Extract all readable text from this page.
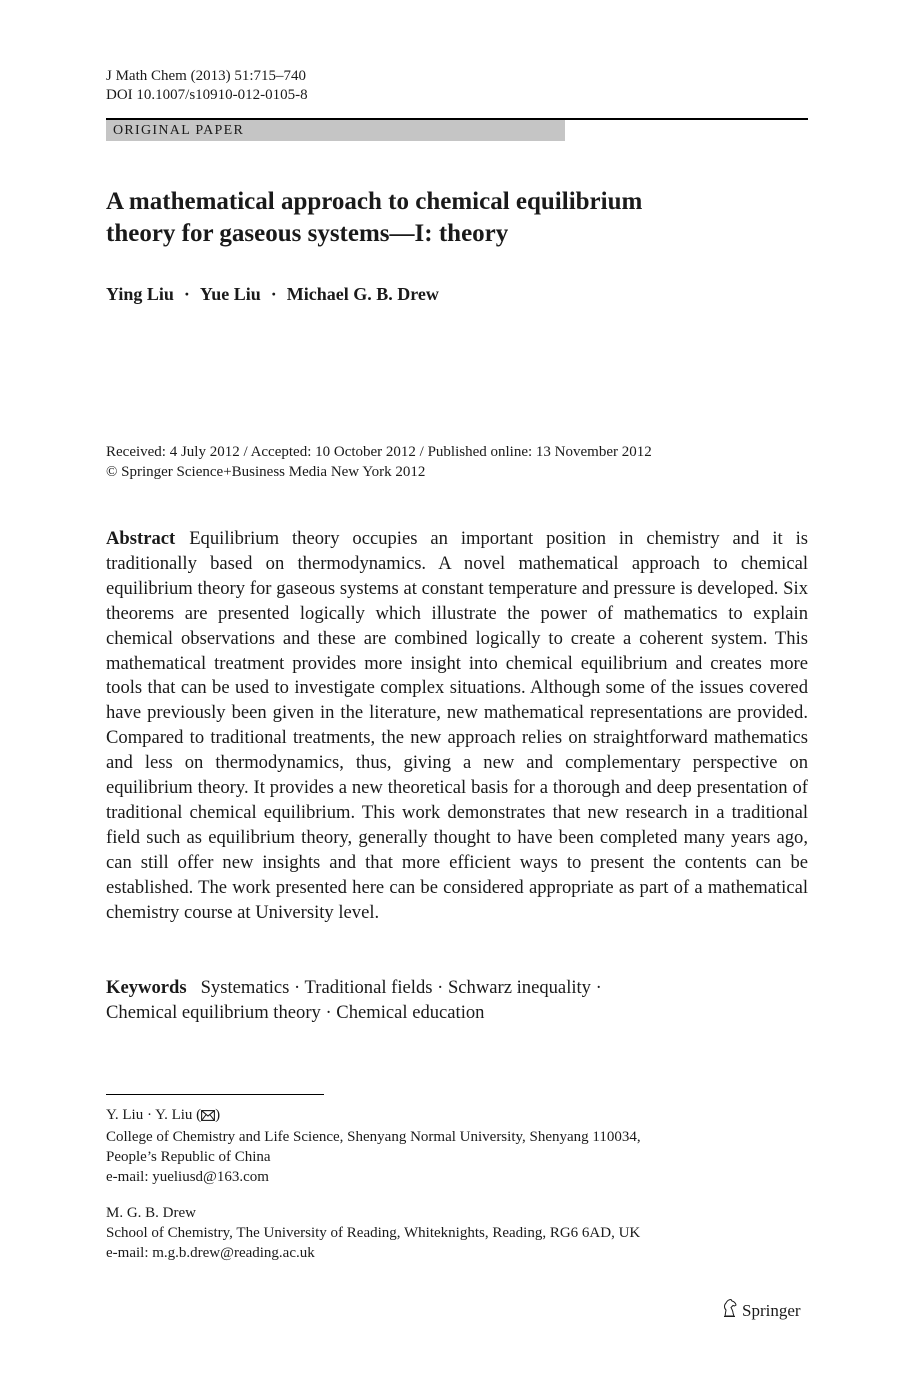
J Math Chem (2013) 51:715–740
DOI 10.1007/s10910-012-0105-8
ORIGINAL PAPER
A mathematical approach to chemical equilibrium
theory for gaseous systems—I: theory
Ying Liu · Yue Liu · Michael G. B. Drew
Received: 4 July 2012 / Accepted: 10 October 2012 / Published online: 13 November 2012
© Springer Science+Business Media New York 2012

Abstract Equilibrium theory occupies an important position in chemistry and it is traditionally based on thermodynamics. A novel mathematical approach to chemical equilibrium theory for gaseous systems at constant temperature and pressure is developed. Six theorems are presented logically which illustrate the power of mathematics to explain chemical observations and these are combined logically to create a coherent system. This mathematical treatment provides more insight into chemical equilibrium and creates more tools that can be used to investigate complex situations. Although some of the issues covered have previously been given in the literature, new mathematical representations are provided. Compared to traditional treatments, the new approach relies on straightforward mathematics and less on thermodynamics, thus, giving a new and complementary perspective on equilibrium theory. It provides a new theoretical basis for a thorough and deep presentation of traditional chemical equilibrium. This work demonstrates that new research in a traditional field such as equilibrium theory, generally thought to have been completed many years ago, can still offer new insights and that more efficient ways to present the contents can be established. The work presented here can be considered appropriate as part of a mathematical chemistry course at University level.

Keywords Systematics · Traditional fields · Schwarz inequality ·
Chemical equilibrium theory · Chemical education
Y. Liu · Y. Liu ( )
College of Chemistry and Life Science, Shenyang Normal University, Shenyang 110034,
People’s Republic of China
e-mail: yueliusd@163.com
M. G. B. Drew
School of Chemistry, The University of Reading, Whiteknights, Reading, RG6 6AD, UK
e-mail: m.g.b.drew@reading.ac.uk
Springer
